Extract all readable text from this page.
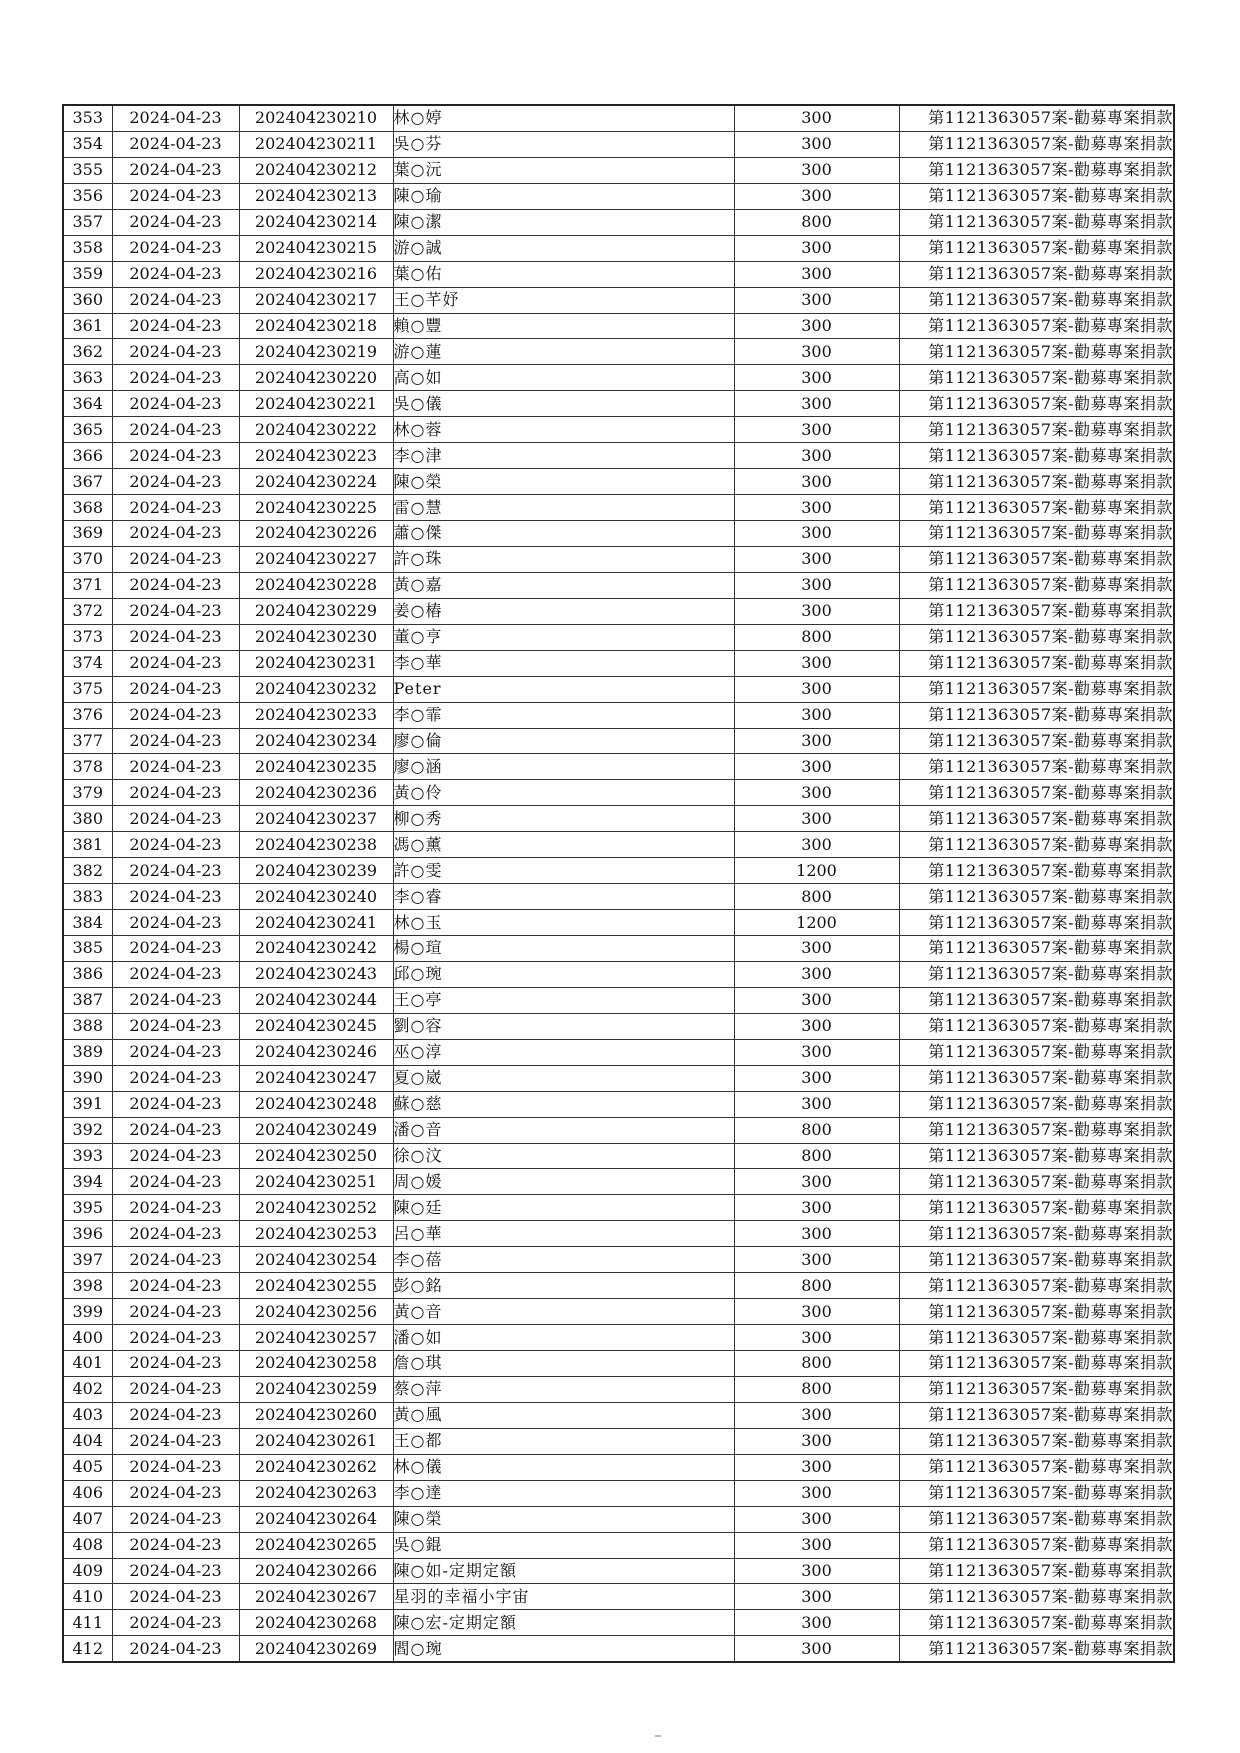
353	2024-04-23	202404230210	林○婷	300	第1121363057案-勸募專案捐款
354	2024-04-23	202404230211	吳○芬	300	第1121363057案-勸募專案捐款
355	2024-04-23	202404230212	葉○沅	300	第1121363057案-勸募專案捐款
356	2024-04-23	202404230213	陳○瑜	300	第1121363057案-勸募專案捐款
357	2024-04-23	202404230214	陳○潔	800	第1121363057案-勸募專案捐款
358	2024-04-23	202404230215	游○誠	300	第1121363057案-勸募專案捐款
359	2024-04-23	202404230216	葉○佑	300	第1121363057案-勸募專案捐款
360	2024-04-23	202404230217	王○芊妤	300	第1121363057案-勸募專案捐款
361	2024-04-23	202404230218	賴○豐	300	第1121363057案-勸募專案捐款
362	2024-04-23	202404230219	游○蓮	300	第1121363057案-勸募專案捐款
363	2024-04-23	202404230220	高○如	300	第1121363057案-勸募專案捐款
364	2024-04-23	202404230221	吳○儀	300	第1121363057案-勸募專案捐款
365	2024-04-23	202404230222	林○蓉	300	第1121363057案-勸募專案捐款
366	2024-04-23	202404230223	李○津	300	第1121363057案-勸募專案捐款
367	2024-04-23	202404230224	陳○榮	300	第1121363057案-勸募專案捐款
368	2024-04-23	202404230225	雷○慧	300	第1121363057案-勸募專案捐款
369	2024-04-23	202404230226	蕭○傑	300	第1121363057案-勸募專案捐款
370	2024-04-23	202404230227	許○珠	300	第1121363057案-勸募專案捐款
371	2024-04-23	202404230228	黃○嘉	300	第1121363057案-勸募專案捐款
372	2024-04-23	202404230229	姜○樁	300	第1121363057案-勸募專案捐款
373	2024-04-23	202404230230	董○亨	800	第1121363057案-勸募專案捐款
374	2024-04-23	202404230231	李○華	300	第1121363057案-勸募專案捐款
375	2024-04-23	202404230232	Peter	300	第1121363057案-勸募專案捐款
376	2024-04-23	202404230233	李○霏	300	第1121363057案-勸募專案捐款
377	2024-04-23	202404230234	廖○倫	300	第1121363057案-勸募專案捐款
378	2024-04-23	202404230235	廖○涵	300	第1121363057案-勸募專案捐款
379	2024-04-23	202404230236	黃○伶	300	第1121363057案-勸募專案捐款
380	2024-04-23	202404230237	柳○秀	300	第1121363057案-勸募專案捐款
381	2024-04-23	202404230238	馮○薰	300	第1121363057案-勸募專案捐款
382	2024-04-23	202404230239	許○雯	1200	第1121363057案-勸募專案捐款
383	2024-04-23	202404230240	李○睿	800	第1121363057案-勸募專案捐款
384	2024-04-23	202404230241	林○玉	1200	第1121363057案-勸募專案捐款
385	2024-04-23	202404230242	楊○瑄	300	第1121363057案-勸募專案捐款
386	2024-04-23	202404230243	邱○琬	300	第1121363057案-勸募專案捐款
387	2024-04-23	202404230244	王○亭	300	第1121363057案-勸募專案捐款
388	2024-04-23	202404230245	劉○容	300	第1121363057案-勸募專案捐款
389	2024-04-23	202404230246	巫○淳	300	第1121363057案-勸募專案捐款
390	2024-04-23	202404230247	夏○崴	300	第1121363057案-勸募專案捐款
391	2024-04-23	202404230248	蘇○慈	300	第1121363057案-勸募專案捐款
392	2024-04-23	202404230249	潘○音	800	第1121363057案-勸募專案捐款
393	2024-04-23	202404230250	徐○汶	800	第1121363057案-勸募專案捐款
394	2024-04-23	202404230251	周○媛	300	第1121363057案-勸募專案捐款
395	2024-04-23	202404230252	陳○廷	300	第1121363057案-勸募專案捐款
396	2024-04-23	202404230253	呂○華	300	第1121363057案-勸募專案捐款
397	2024-04-23	202404230254	李○蓓	300	第1121363057案-勸募專案捐款
398	2024-04-23	202404230255	彭○銘	800	第1121363057案-勸募專案捐款
399	2024-04-23	202404230256	黃○音	300	第1121363057案-勸募專案捐款
400	2024-04-23	202404230257	潘○如	300	第1121363057案-勸募專案捐款
401	2024-04-23	202404230258	詹○琪	800	第1121363057案-勸募專案捐款
402	2024-04-23	202404230259	蔡○萍	800	第1121363057案-勸募專案捐款
403	2024-04-23	202404230260	黃○風	300	第1121363057案-勸募專案捐款
404	2024-04-23	202404230261	王○都	300	第1121363057案-勸募專案捐款
405	2024-04-23	202404230262	林○儀	300	第1121363057案-勸募專案捐款
406	2024-04-23	202404230263	李○達	300	第1121363057案-勸募專案捐款
407	2024-04-23	202404230264	陳○榮	300	第1121363057案-勸募專案捐款
408	2024-04-23	202404230265	吳○錕	300	第1121363057案-勸募專案捐款
409	2024-04-23	202404230266	陳○如-定期定額	300	第1121363057案-勸募專案捐款
410	2024-04-23	202404230267	星羽的幸福小宇宙	300	第1121363057案-勸募專案捐款
411	2024-04-23	202404230268	陳○宏-定期定額	300	第1121363057案-勸募專案捐款
412	2024-04-23	202404230269	閻○琬	300	第1121363057案-勸募專案捐款
